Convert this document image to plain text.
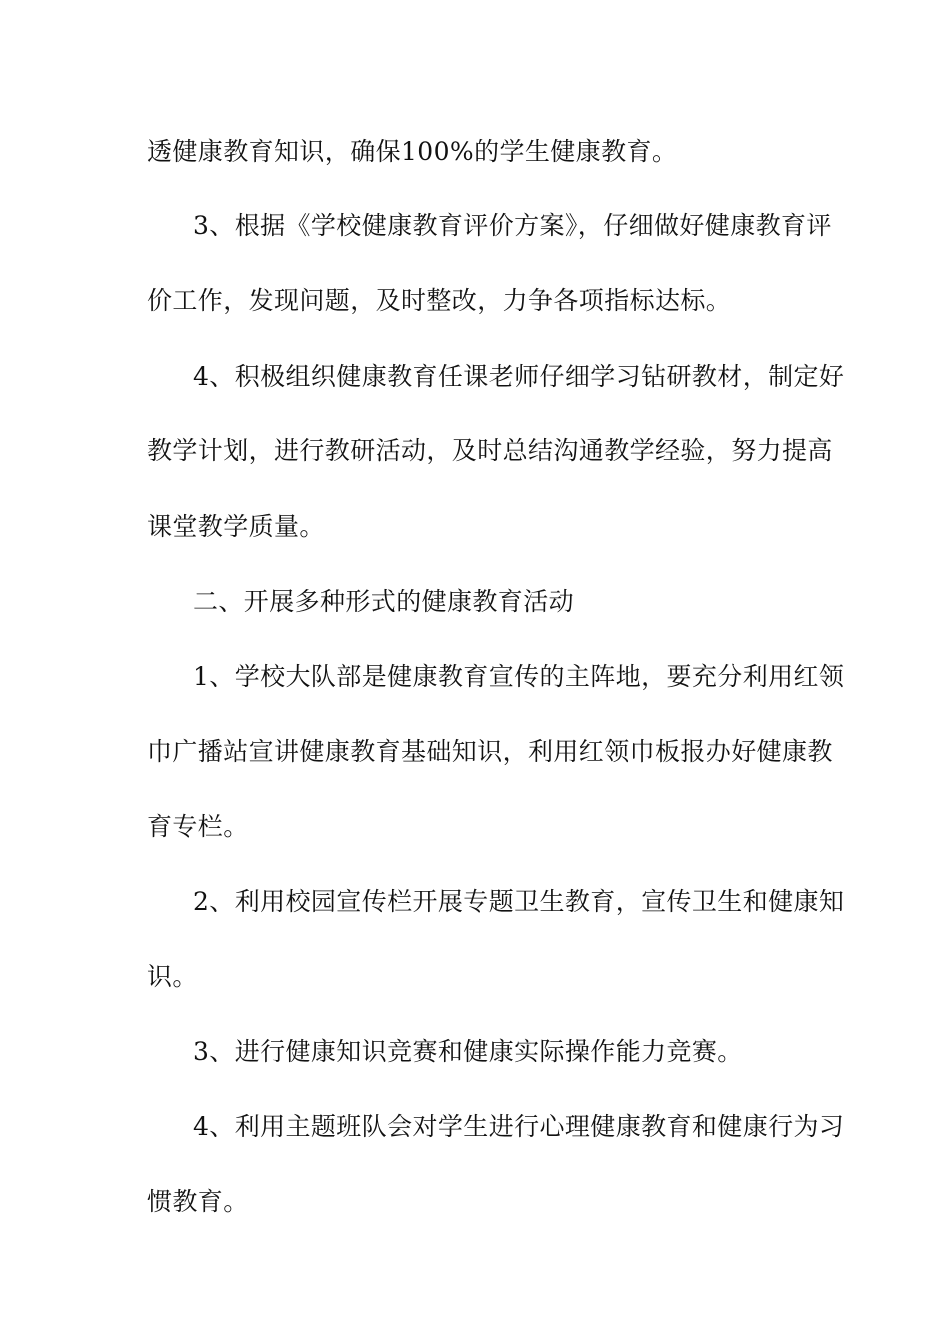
透健康教育知识，确保100%的学生健康教育。
3、根据《学校健康教育评价方案》，仔细做好健康教育评
价工作，发现问题，及时整改，力争各项指标达标。
4、积极组织健康教育任课老师仔细学习钻研教材，制定好
教学计划，进行教研活动，及时总结沟通教学经验，努力提高
课堂教学质量。
二、开展多种形式的健康教育活动
1、学校大队部是健康教育宣传的主阵地，要充分利用红领
巾广播站宣讲健康教育基础知识，利用红领巾板报办好健康教
育专栏。
2、利用校园宣传栏开展专题卫生教育，宣传卫生和健康知
识。
3、进行健康知识竞赛和健康实际操作能力竞赛。
4、利用主题班队会对学生进行心理健康教育和健康行为习
惯教育。
